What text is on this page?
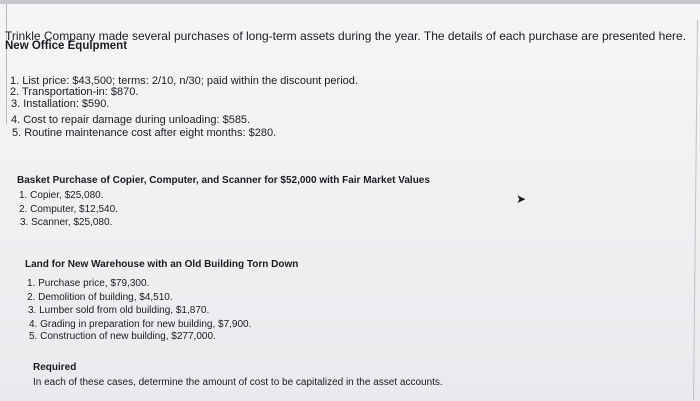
Trinkle Company made several purchases of long-term assets during the year. The details of each purchase are presented here.
New Office Equipment
1. List price: $43,500; terms: 2/10, n/30; paid within the discount period.
2. Transportation-in: $870.
3. Installation: $590.
4. Cost to repair damage during unloading: $585.
5. Routine maintenance cost after eight months: $280.
Basket Purchase of Copier, Computer, and Scanner for $52,000 with Fair Market Values
1. Copier, $25,080.
2. Computer, $12,540.
3. Scanner, $25,080.
➤
Land for New Warehouse with an Old Building Torn Down
1. Purchase price, $79,300.
2. Demolition of building, $4,510.
3. Lumber sold from old building, $1,870.
4. Grading in preparation for new building, $7,900.
5. Construction of new building, $277,000.
Required
In each of these cases, determine the amount of cost to be capitalized in the asset accounts.
